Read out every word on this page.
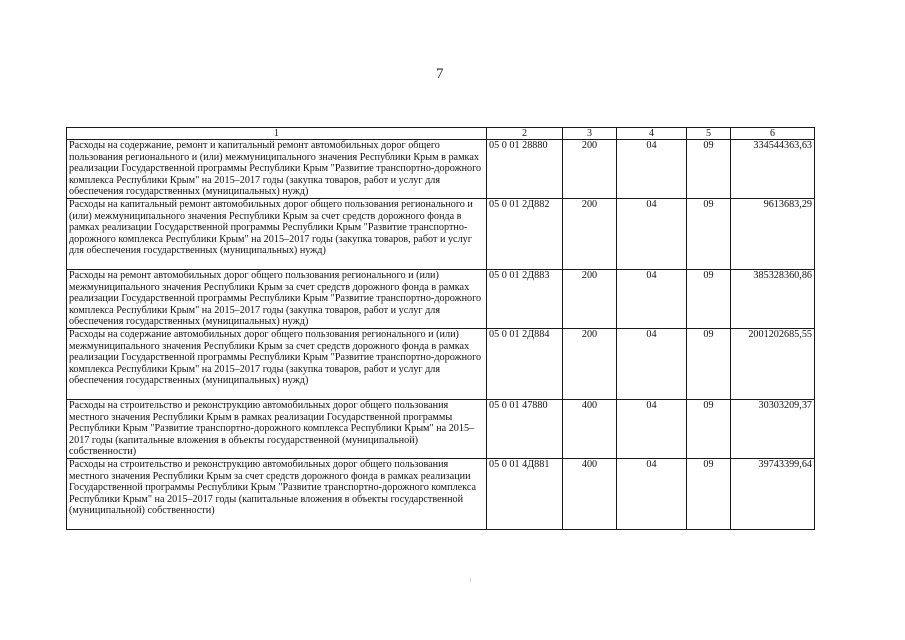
7
1	2	3	4	5	6
Расходы на содержание, ремонт и капитальный ремонт автомобильных дорог общего пользования регионального и (или) межмуниципального значения Республики Крым в рамках реализации Государственной программы Республики Крым "Развитие транспортно-дорожного комплекса Республики Крым" на 2015–2017 годы (закупка товаров, работ и услуг для обеспечения государственных (муниципальных) нужд)	05 0 01 28880	200	04	09	334544363,63
Расходы на капитальный ремонт автомобильных дорог общего пользования регионального и (или) межмуниципального значения Республики Крым за счет средств дорожного фонда в рамках реализации Государственной программы Республики Крым "Развитие транспортно-дорожного комплекса Республики Крым" на 2015–2017 годы (закупка товаров, работ и услуг для обеспечения государственных (муниципальных) нужд)	05 0 01 2Д882	200	04	09	9613683,29
Расходы на ремонт автомобильных дорог общего пользования регионального и (или) межмуниципального значения Республики Крым за счет средств дорожного фонда в рамках реализации Государственной программы Республики Крым "Развитие транспортно-дорожного комплекса Республики Крым" на 2015–2017 годы (закупка товаров, работ и услуг для обеспечения государственных (муниципальных) нужд)	05 0 01 2Д883	200	04	09	385328360,86
Расходы на содержание автомобильных дорог общего пользования регионального и (или) межмуниципального значения Республики Крым за счет средств дорожного фонда в рамках реализации Государственной программы Республики Крым "Развитие транспортно-дорожного комплекса Республики Крым" на 2015–2017 годы (закупка товаров, работ и услуг для обеспечения государственных (муниципальных) нужд)	05 0 01 2Д884	200	04	09	2001202685,55
Расходы на строительство и реконструкцию автомобильных дорог общего пользования местного значения Республики Крым в рамках реализации Государственной программы Республики Крым "Развитие транспортно-дорожного комплекса Республики Крым" на 2015–2017 годы (капитальные вложения в объекты государственной (муниципальной) собственности)	05 0 01 47880	400	04	09	30303209,37
Расходы на строительство и реконструкцию автомобильных дорог общего пользования местного значения Республики Крым за счет средств дорожного фонда в рамках реализации Государственной программы Республики Крым "Развитие транспортно-дорожного комплекса Республики Крым" на 2015–2017 годы (капитальные вложения в объекты государственной (муниципальной) собственности)	05 0 01 4Д881	400	04	09	39743399,64
